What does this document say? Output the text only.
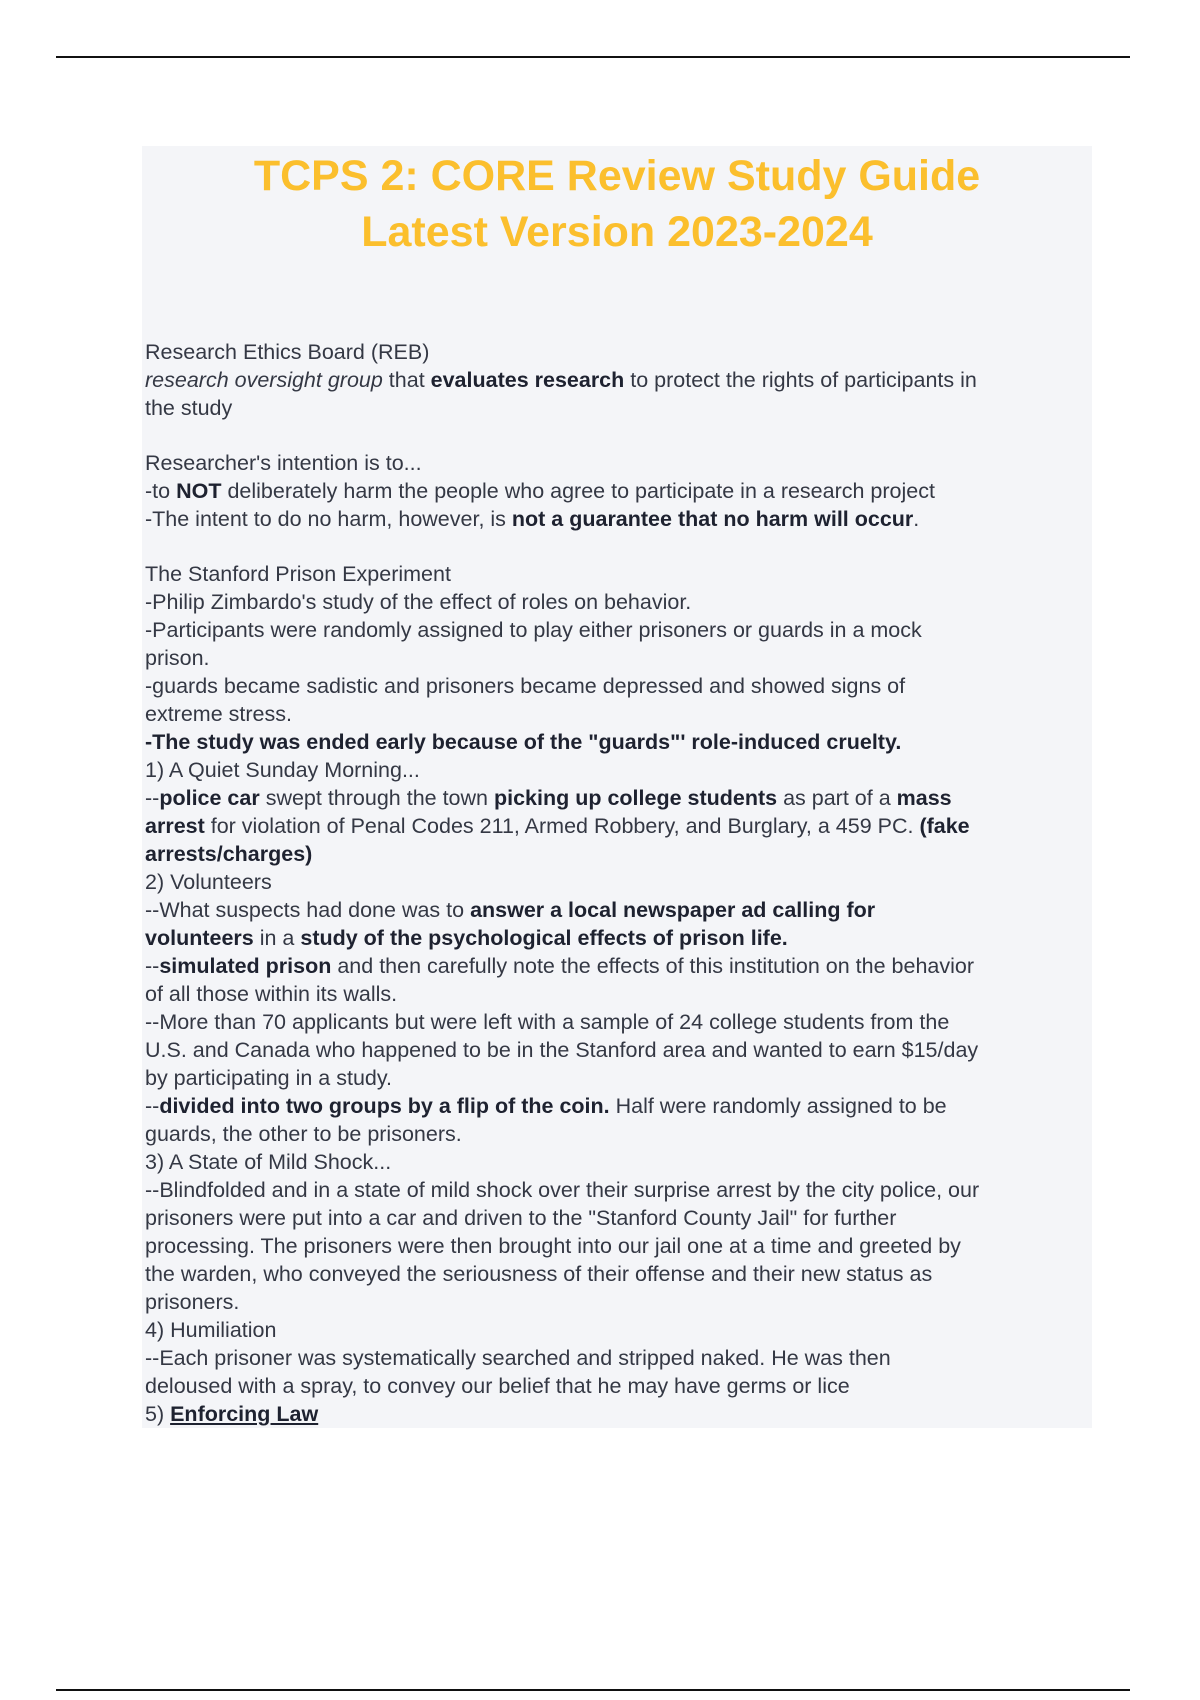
TCPS 2: CORE Review Study Guide
Latest Version 2023-2024
Research Ethics Board (REB)
research oversight group that evaluates research to protect the rights of participants in
the study
Researcher's intention is to...
-to NOT deliberately harm the people who agree to participate in a research project
-The intent to do no harm, however, is not a guarantee that no harm will occur.
The Stanford Prison Experiment
-Philip Zimbardo's study of the effect of roles on behavior.
-Participants were randomly assigned to play either prisoners or guards in a mock
prison.
-guards became sadistic and prisoners became depressed and showed signs of
extreme stress.
-The study was ended early because of the "guards"' role-induced cruelty.
1) A Quiet Sunday Morning...
--police car swept through the town picking up college students as part of a mass
arrest for violation of Penal Codes 211, Armed Robbery, and Burglary, a 459 PC. (fake
arrests/charges)
2) Volunteers
--What suspects had done was to answer a local newspaper ad calling for
volunteers in a study of the psychological effects of prison life.
--simulated prison and then carefully note the effects of this institution on the behavior
of all those within its walls.
--More than 70 applicants but were left with a sample of 24 college students from the
U.S. and Canada who happened to be in the Stanford area and wanted to earn $15/day
by participating in a study.
--divided into two groups by a flip of the coin. Half were randomly assigned to be
guards, the other to be prisoners.
3) A State of Mild Shock...
--Blindfolded and in a state of mild shock over their surprise arrest by the city police, our
prisoners were put into a car and driven to the "Stanford County Jail" for further
processing. The prisoners were then brought into our jail one at a time and greeted by
the warden, who conveyed the seriousness of their offense and their new status as
prisoners.
4) Humiliation
--Each prisoner was systematically searched and stripped naked. He was then
deloused with a spray, to convey our belief that he may have germs or lice
5) Enforcing Law
